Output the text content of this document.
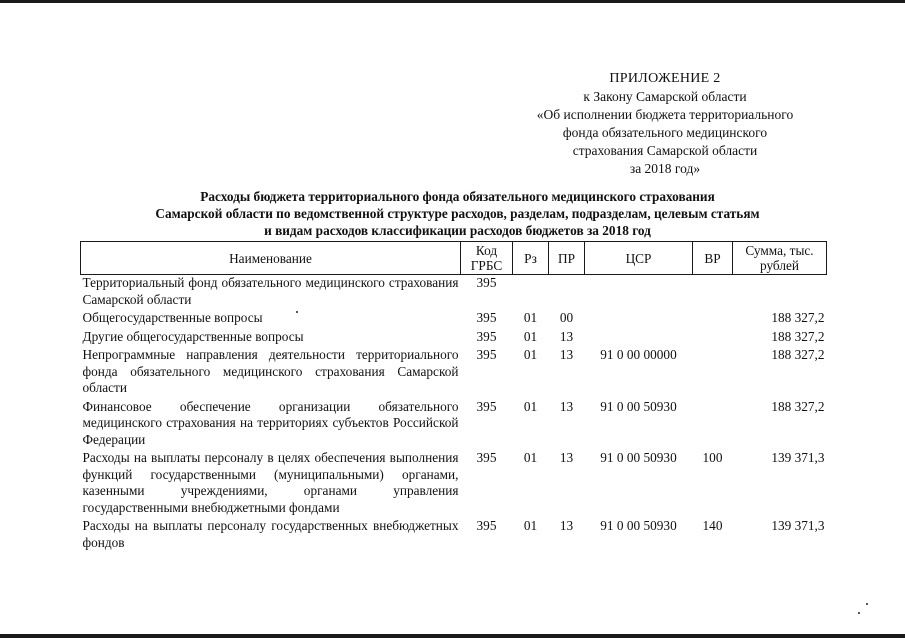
ПРИЛОЖЕНИЕ 2
к Закону Самарской области
«Об исполнении бюджета территориального
фонда обязательного медицинского
страхования Самарской области
за 2018 год»
Расходы бюджета территориального фонда обязательного медицинского страхования
Самарской области по ведомственной структуре расходов, разделам, подразделам, целевым статьям
и видам расходов классификации расходов бюджетов за 2018 год
Наименование	Код ГРБС	Рз	ПР	ЦСР	ВР	Сумма, тыс. рублей
Территориальный фонд обязательного медицинского страхования Самарской области	395					
Общегосударственные вопросы	395	01	00			188 327,2
Другие общегосударственные вопросы	395	01	13			188 327,2
Непрограммные направления деятельности территориального фонда обязательного медицинского страхования Самарской области	395	01	13	91 0 00 00000		188 327,2
Финансовое обеспечение организации обязательного медицинского страхования на территориях субъектов Российской Федерации	395	01	13	91 0 00 50930		188 327,2
Расходы на выплаты персоналу в целях обеспечения выполнения функций государственными (муниципальными) органами, казенными учреждениями, органами управления государственными внебюджетными фондами	395	01	13	91 0 00 50930	100	139 371,3
Расходы на выплаты персоналу государственных внебюджетных фондов	395	01	13	91 0 00 50930	140	139 371,3
